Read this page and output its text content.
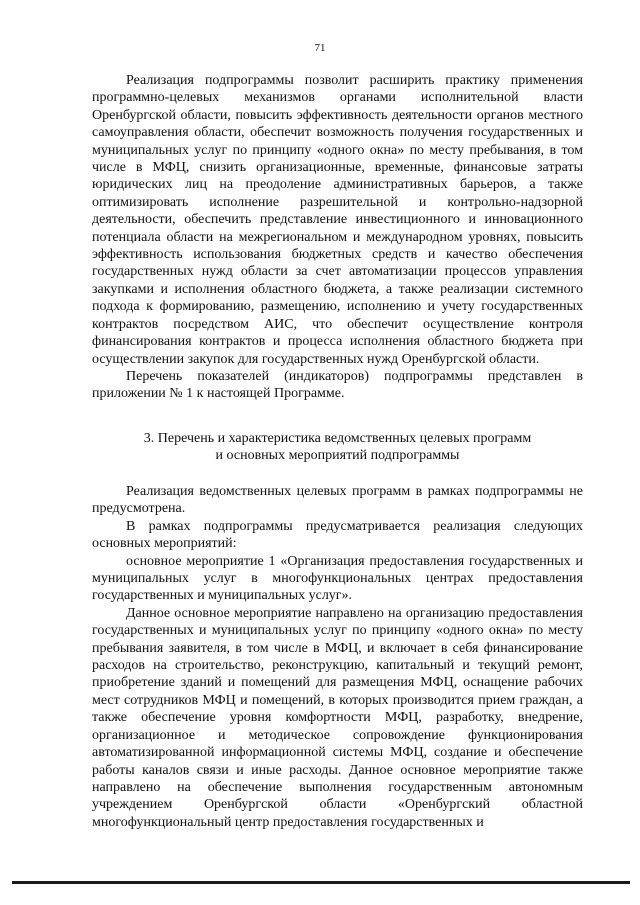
71

Реализация подпрограммы позволит расширить практику применения программно-целевых механизмов органами исполнительной власти Оренбургской области, повысить эффективность деятельности органов местного самоуправления области, обеспечит возможность получения государственных и муниципальных услуг по принципу «одного окна» по месту пребывания, в том числе в МФЦ, снизить организационные, временные, финансовые затраты юридических лиц на преодоление административных барьеров, а также оптимизировать исполнение разрешительной и контрольно-надзорной деятельности, обеспечить представление инвестиционного и инновационного потенциала области на межрегиональном и международном уровнях, повысить эффективность использования бюджетных средств и качество обеспечения государственных нужд области за счет автоматизации процессов управления закупками и исполнения областного бюджета, а также реализации системного подхода к формированию, размещению, исполнению и учету государственных контрактов посредством АИС, что обеспечит осуществление контроля финансирования контрактов и процесса исполнения областного бюджета при осуществлении закупок для государственных нужд Оренбургской области.

Перечень показателей (индикаторов) подпрограммы представлен в приложении № 1 к настоящей Программе.

3. Перечень и характеристика ведомственных целевых программ

и основных мероприятий подпрограммы

Реализация ведомственных целевых программ в рамках подпрограммы не предусмотрена.

В рамках подпрограммы предусматривается реализация следующих основных мероприятий:

основное мероприятие 1 «Организация предоставления государственных и муниципальных услуг в многофункциональных центрах предоставления государственных и муниципальных услуг».

Данное основное мероприятие направлено на организацию предоставления государственных и муниципальных услуг по принципу «одного окна» по месту пребывания заявителя, в том числе в МФЦ, и включает в себя финансирование расходов на строительство, реконструкцию, капитальный и текущий ремонт, приобретение зданий и помещений для размещения МФЦ, оснащение рабочих мест сотрудников МФЦ и помещений, в которых производится прием граждан, а также обеспечение уровня комфортности МФЦ, разработку, внедрение, организационное и методическое сопровождение функционирования автоматизированной информационной системы МФЦ, создание и обеспечение работы каналов связи и иные расходы. Данное основное мероприятие также направлено на обеспечение выполнения государственным автономным учреждением Оренбургской области «Оренбургский областной многофункциональный центр предоставления государственных и
